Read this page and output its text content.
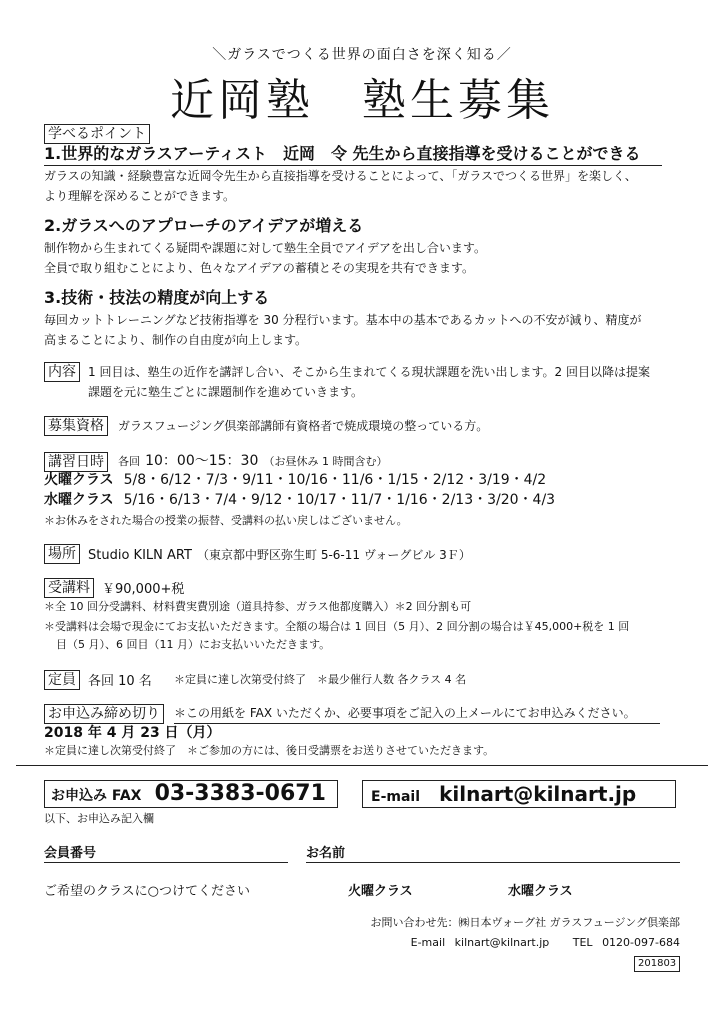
＼ガラスでつくる世界の面白さを深く知る／
近岡塾　塾生募集
学べるポイント
1.世界的なガラスアーティスト　近岡　令 先生から直接指導を受けることができる
ガラスの知識・経験豊富な近岡令先生から直接指導を受けることによって、「ガラスでつくる世界」を楽しく、
より理解を深めることができます。
2.ガラスへのアプローチのアイデアが増える
制作物から生まれてくる疑問や課題に対して塾生全員でアイデアを出し合います。
全員で取り組むことにより、色々なアイデアの蓄積とその実現を共有できます。
3.技術・技法の精度が向上する
毎回カットトレーニングなど技術指導を 30 分程行います。基本中の基本であるカットへの不安が減り、精度が
高まることにより、制作の自由度が向上します。
内容	1 回目は、塾生の近作を講評し合い、そこから生まれてくる現状課題を洗い出します。2 回目以降は提案
課題を元に塾生ごとに課題制作を進めていきます。
募集資格	ガラスフュージング倶楽部講師有資格者で焼成環境の整っている方。
講習日時	各回 10：00〜15：30 （お昼休み 1 時間含む）
火曜クラス 5/8・6/12・7/3・9/11・10/16・11/6・1/15・2/12・3/19・4/2
水曜クラス 5/16・6/13・7/4・9/12・10/17・11/7・1/16・2/13・3/20・4/3
＊お休みをされた場合の授業の振替、受講料の払い戻しはございません。
場所 Studio KILN ART （東京都中野区弥生町 5-6-11 ヴォーグビル 3Ｆ）
受講料 ￥90,000+税
＊全 10 回分受講料、材料費実費別途（道具持参、ガラス他都度購入）＊2 回分割も可
＊受講料は会場で現金にてお支払いただきます。全額の場合は 1 回目（5 月）、2 回分割の場合は￥45,000+税を 1 回
目（5 月）、6 回目（11 月）にお支払いいただきます。
定員 各回 10 名 ＊定員に達し次第受付終了　＊最少催行人数 各クラス 4 名
お申込み締め切り	＊この用紙を FAX いただくか、必要事項をご記入の上メールにてお申込みください。
2018 年 4 月 23 日（月）
＊定員に達し次第受付終了　＊ご参加の方には、後日受講票をお送りさせていただきます。
お申込み FAX 03-3383-0671	E-mail kilnart@kilnart.jp
以下、お申込み記入欄
会員番号	お名前
ご希望のクラスに○つけてください	火曜クラス	水曜クラス
お問い合わせ先：㈱日本ヴォーグ社 ガラスフュージング倶楽部
E-mail kilnart@kilnart.jp TEL 0120-097-684
201803
